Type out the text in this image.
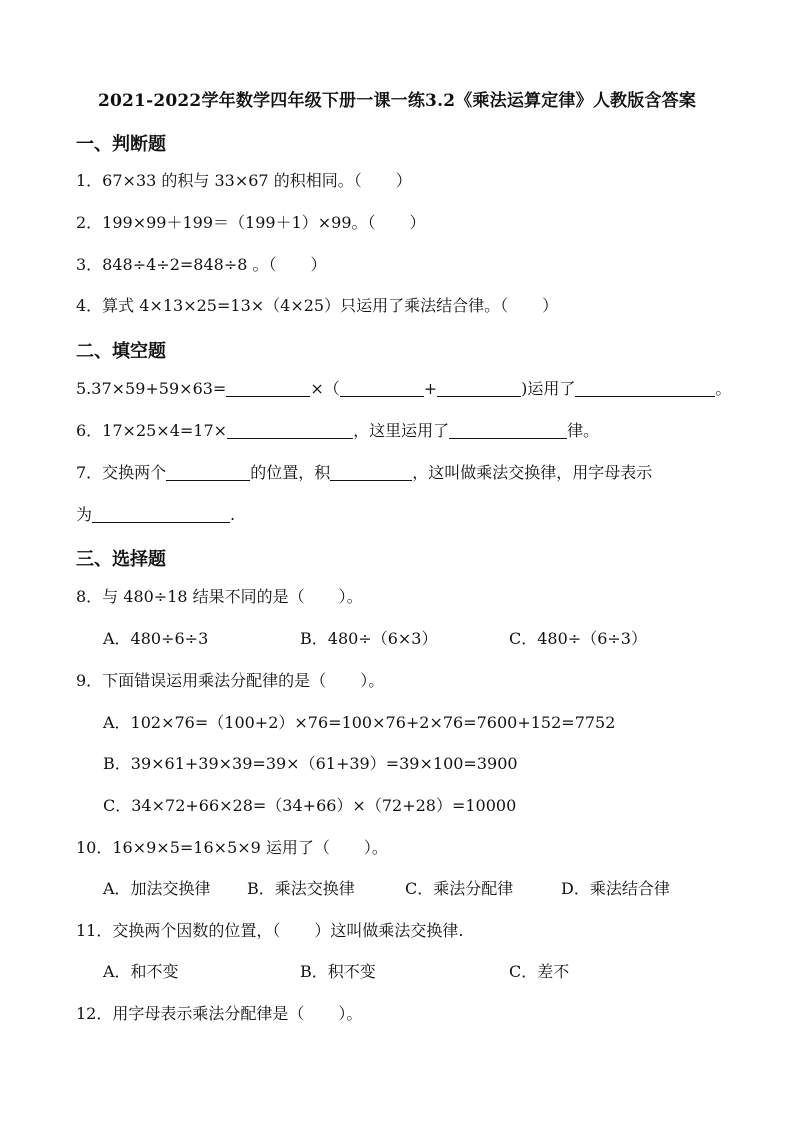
2021-2022学年数学四年级下册一课一练3.2《乘法运算定律》人教版含答案
一、判断题
1．67×33 的积与 33×67 的积相同。（ ）
2．199×99＋199＝（199＋1）×99。（ ）
3．848÷4÷2=848÷8 。（ ）
4．算式 4×13×25=13×（4×25）只运用了乘法结合律。（ ）
二、填空题
5.37×59+59×63=	×（	+	)运用了	。
6．17×25×4=17×	，这里运用了	律。
7．交换两个	的位置，积	，这叫做乘法交换律，用字母表示
为	.
三、选择题
8．与 480÷18 结果不同的是（ ）。
A．480÷6÷3	B．480÷（6×3）	C．480÷（6÷3）
9．下面错误运用乘法分配律的是（ ）。
A．102×76=（100+2）×76=100×76+2×76=7600+152=7752
B．39×61+39×39=39×（61+39）=39×100=3900
C．34×72+66×28=（34+66）×（72+28）=10000
10．16×9×5=16×5×9 运用了（ ）。
A．加法交换律 B．乘法交换律	C．乘法分配律	D．乘法结合律
11．交换两个因数的位置，（ ）这叫做乘法交换律.
A．和不变	B．积不变	C．差不
12．用字母表示乘法分配律是（ ）。
